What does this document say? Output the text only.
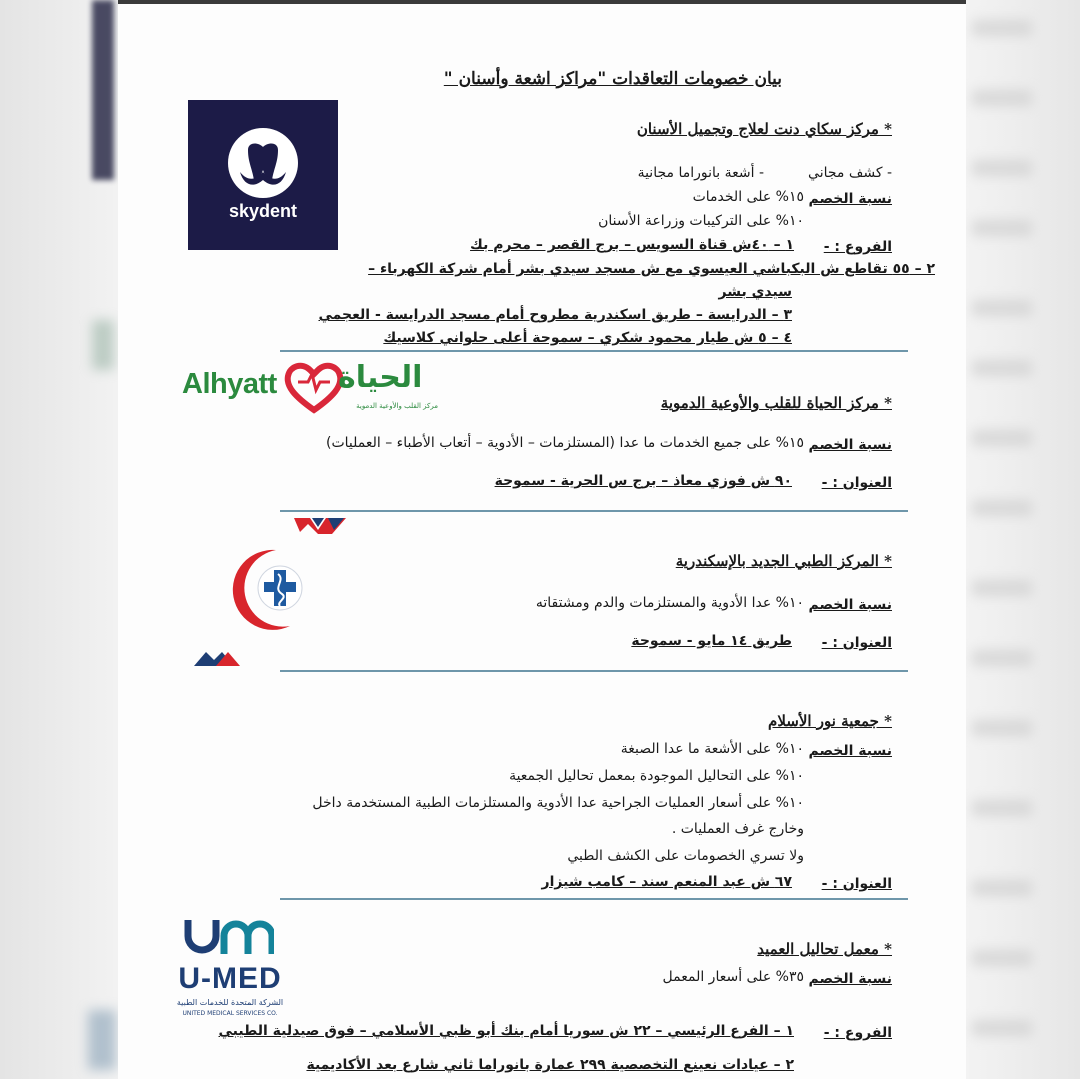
بيان خصومات التعاقدات "مراكز اشعة وأسنان "
skydent
* مركز سكاي دنت لعلاج وتجميل الأسنان
- كشف مجاني
- أشعة بانوراما مجانية
نسبة الخصم
١٥% على الخدمات
١٠% على التركيبات وزراعة الأسنان
الفروع : -
١ – ٤٠ش قناة السويس – برج القصر – محرم بك
٢ – ٥٥ تقاطع ش البكباشي العيسوي مع ش مسجد سيدي بشر أمام شركة الكهرباء –
سيدي بشر
٣ – الدرايسة – طريق اسكندرية مطروح أمام مسجد الدرايسة - العجمي
٤ – ٥ ش طيار محمود شكري – سموحة أعلى حلواني كلاسيك
Alhyatt الحياة
مركز القلب والأوعية الدموية	* مركز الحياة للقلب والأوعية الدموية
نسبة الخصم
١٥% على جميع الخدمات ما عدا (المستلزمات – الأدوية – أتعاب الأطباء – العمليات)
العنوان : -
٩٠ ش فوزي معاذ – برج س الحرية - سموحة
* المركز الطبي الجديد بالإسكندرية
نسبة الخصم
١٠% عدا الأدوية والمستلزمات والدم ومشتقاته
العنوان : -
طريق ١٤ مايو - سموحة
* جمعية نور الأسلام
نسبة الخصم
١٠% على الأشعة ما عدا الصبغة
١٠% على التحاليل الموجودة بمعمل تحاليل الجمعية
١٠% على أسعار العمليات الجراحية عدا الأدوية والمستلزمات الطبية المستخدمة داخل
وخارج غرف العمليات .
ولا تسري الخصومات على الكشف الطبي
العنوان : -
٦٧ ش عبد المنعم سند – كامب شيزار
U-MED
الشركة المتحدة للخدمات الطبية
UNITED MEDICAL SERVICES CO.
* معمل تحاليل العميد
نسبة الخصم
٣٥% على أسعار المعمل
الفروع : -
١ – الفرع الرئيسي – ٢٢ ش سوريا أمام بنك أبو ظبي الأسلامي – فوق صيدلية الطيبي
٢ – عيادات نعينع التخصصية ٢٩٩ عمارة بانوراما ثاني شارع بعد الأكاديمية
